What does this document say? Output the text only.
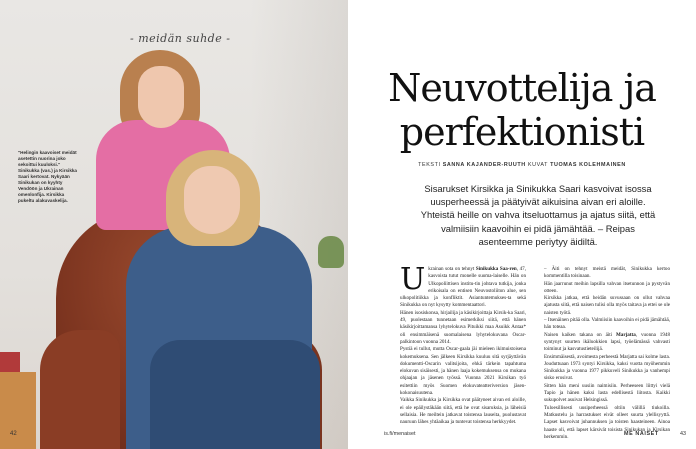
- meidän suhde -
"Helingin kaavoiset meidät asetettin nuorina joko sekoittui kuuloksi." Sinikukka (vas.) ja Kirsikka Saari kertovat. Nykyään Sinikukan on kyyhty Vendöön ja Ukrainan omenlonfija. Kirsikka pukeltu alakuvaskelija.
42
Neuvottelija ja
perfektionisti
TEKSTI SANNA KAJANDER-RUUTH KUVAT TUOMAS KOLEHMAINEN
Sisarukset Kirsikka ja Sinikukka Saari kasvoivat isossa uusperheessä ja päätyivät aikuisina aivan eri aloille. Yhteistä heille on vahva itseluottamus ja ajatus siitä, että valmiisiin kaavoihin ei pidä jämähtää. – Reipas asenteemme periytyy äidiltä.

Ukrainan sota on tehnyt Sinikukka Saa-ren, 47, kasvoista tutut monelle suoma-laiselle. Hän on Ulkopoliittisen institu-tin johtava tutkija, jonka erikoisala on entisen Neuvostoliiton alue, sen ulkopolitiikka ja konfliktit. Asiantuntemukses-ta sekä Sinikukka on nyt kysytty kommentaattori.

Hänen isosiskonsa, hirjailija ja käsikirjoittaja Kirsik-ka Saari, 49, puolestaan tunnetaan esimerkiksi siitä, että hänen käsikirjoittamansa lyhytelokuva Pituikki maa Asuikk Antaa* oli ensimmäisenä suomalaisena lyhytelokuvana Oscar-palkintoon vuonna 2014.

Pystiä ei tullut, mutta Oscar-gaala jäi mieleen ikimuistoisena kokemuksena. Sen jälkeen Kirsikka kuuluu sitä syrjäyttävän dokumentti-Oscarin valitsijoita, ehkä tärkein tapahtuma elokuvan sisäisesti, ja hänen laaja kokemuksensa on mukana ohjaajan ja jäsenen työssä. Vuonna 2021 Kirsikan työ esitettiin myös Suomen elokuvateatteriversion jäsen-kokonaisuutena.

Vaikka Sinikukka ja Kirsikka ovat päätyneet aivan eri aloille, ei ole epäilystäkään siitä, että he ovat sisaruksia, ja läheisiä sellaisia. He meiltein jatkavat toistensa lauseita, puolustavat nauruun lähes yhtäaikaa ja tuntevat toistensa herkkyydet.

– Äiti on tehnyt meistä meidät, Sinikukka kertoo kommentilla toisinaan.

Hän jaarrunut meihin lapsilla vahvan itsetunnon ja pystyvän otteen.

Kirsikka jatkaa, että heidän suvussaan on ollut vahvaa ajatusta siitä, että naisen tulisi olla myös taitava ja ettei se ole naisten työtä.

– Itsenäinen pitää olla. Valmiisiin kaavoihin ei pidä jämähtää, hän toteaa.

Naisen kaiken takana on äiti Marjatta, vuonna 1948 syntynyt suurten ikäluokkien lapsi, työelämässä vahvasti toiminut ja kasvatustieteilijä.

Ensimmäisestä, avoimesta perheestä Marjatta sai kolme lasta. Jouduttuaan 1973 syntyi Kirsikka, kaksi vuotta myöhemmin Sinikukka ja vuonna 1977 pikkuveli Sinikukka ja vanhempi sisko erosivat.

Sitten hän meni uusiin naimisiin. Perheeseen liittyi vielä Tapio ja hänen kaksi lasta edellisestä liitosta. Kaikki sukupolvet asuivat Helsingissä.

Tuloesillisesti uusiperheessä oltiin välillä tiukoilla. Matkustelu ja harrastukset eivät olleet suurta ylellisyyttä. Lapset kasvoivat juhannuksen ja toisten haasteineen. Ainoa haaste oli, että lapset kärsivät toisista Sinikukan ja Kirsikan herkemmin.

is.fi/menaiset	ME NAISET	43
